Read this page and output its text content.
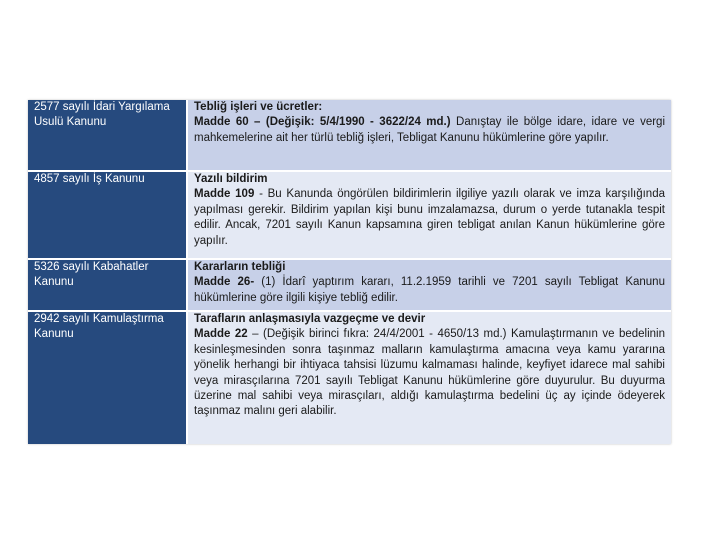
2577 sayılı İdari Yargılama Usulü Kanunu	Tebliğ işleri ve ücretler:
Madde 60 – (Değişik: 5/4/1990 - 3622/24 md.) Danıştay ile bölge idare, idare ve vergi mahkemelerine ait her türlü tebliğ işleri, Tebligat Kanunu hükümlerine göre yapılır.

4857 sayılı İş Kanunu	Yazılı bildirim
Madde 109 - Bu Kanunda öngörülen bildirimlerin ilgiliye yazılı olarak ve imza karşılığında yapılması gerekir. Bildirim yapılan kişi bunu imzalamazsa, durum o yerde tutanakla tespit edilir. Ancak, 7201 sayılı Kanun kapsamına giren tebligat anılan Kanun hükümlerine göre yapılır.

5326 sayılı Kabahatler Kanunu	Kararların tebliği
Madde 26- (1) İdarî yaptırım kararı, 11.2.1959 tarihli ve 7201 sayılı Tebligat Kanunu hükümlerine göre ilgili kişiye tebliğ edilir.

2942 sayılı Kamulaştırma Kanunu	Tarafların anlaşmasıyla vazgeçme ve devir
Madde 22 – (Değişik birinci fıkra: 24/4/2001 - 4650/13 md.) Kamulaştırmanın ve bedelinin kesinleşmesinden sonra taşınmaz malların kamulaştırma amacına veya kamu yararına yönelik herhangi bir ihtiyaca tahsisi lüzumu kalmaması halinde, keyfiyet idarece mal sahibi veya mirasçılarına 7201 sayılı Tebligat Kanunu hükümlerine göre duyurulur. Bu duyurma üzerine mal sahibi veya mirasçıları, aldığı kamulaştırma bedelini üç ay içinde ödeyerek taşınmaz malını geri alabilir.
